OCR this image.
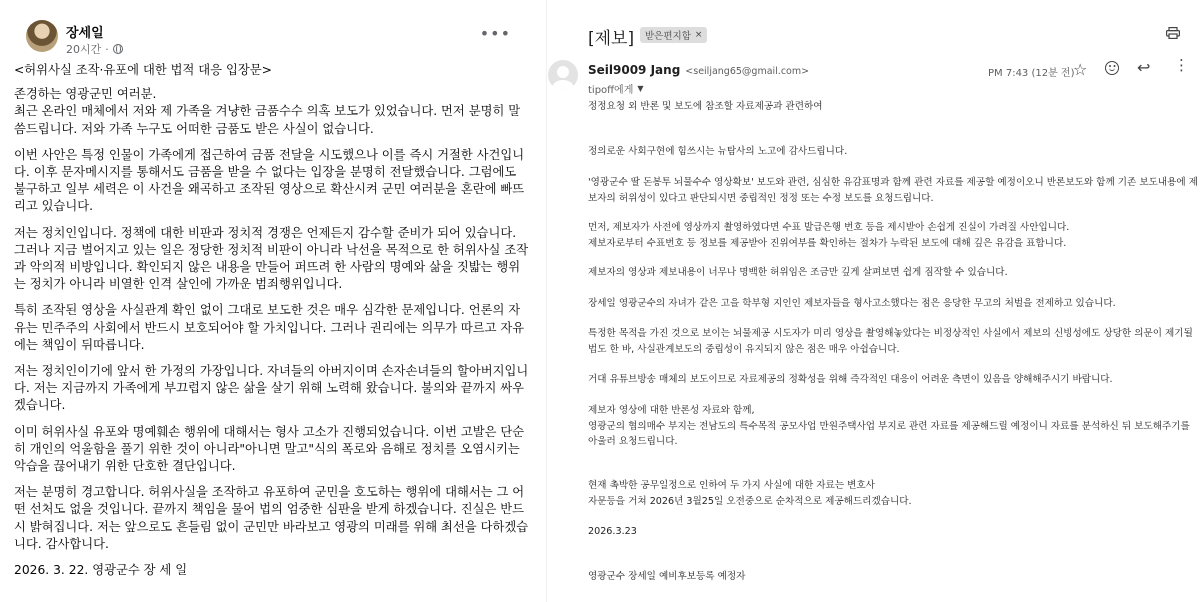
장세일
20시간 ·
•••

<허위사실 조작·유포에 대한 법적 대응 입장문>

존경하는 영광군민 여러분.
최근 온라인 매체에서 저와 제 가족을 겨냥한 금품수수 의혹 보도가 있었습니다. 먼저 분명히 말씀드립니다. 저와 가족 누구도 어떠한 금품도 받은 사실이 없습니다.

이번 사안은 특정 인물이 가족에게 접근하여 금품 전달을 시도했으나 이를 즉시 거절한 사건입니다. 이후 문자메시지를 통해서도 금품을 받을 수 없다는 입장을 분명히 전달했습니다. 그럼에도 불구하고 일부 세력은 이 사건을 왜곡하고 조작된 영상으로 확산시켜 군민 여러분을 혼란에 빠뜨리고 있습니다.

저는 정치인입니다. 정책에 대한 비판과 정치적 경쟁은 언제든지 감수할 준비가 되어 있습니다. 그러나 지금 벌어지고 있는 일은 정당한 정치적 비판이 아니라 낙선을 목적으로 한 허위사실 조작과 악의적 비방입니다. 확인되지 않은 내용을 만들어 퍼뜨려 한 사람의 명예와 삶을 짓밟는 행위는 정치가 아니라 비열한 인격 살인에 가까운 범죄행위입니다.

특히 조작된 영상을 사실관계 확인 없이 그대로 보도한 것은 매우 심각한 문제입니다. 언론의 자유는 민주주의 사회에서 반드시 보호되어야 할 가치입니다. 그러나 권리에는 의무가 따르고 자유에는 책임이 뒤따릅니다.

저는 정치인이기에 앞서 한 가정의 가장입니다. 자녀들의 아버지이며 손자손녀들의 할아버지입니다. 저는 지금까지 가족에게 부끄럽지 않은 삶을 살기 위해 노력해 왔습니다. 불의와 끝까지 싸우겠습니다.

이미 허위사실 유포와 명예훼손 행위에 대해서는 형사 고소가 진행되었습니다. 이번 고발은 단순히 개인의 억울함을 풀기 위한 것이 아니라"아니면 말고"식의 폭로와 음해로 정치를 오염시키는 악습을 끊어내기 위한 단호한 결단입니다.

저는 분명히 경고합니다. 허위사실을 조작하고 유포하여 군민을 호도하는 행위에 대해서는 그 어떤 선처도 없을 것입니다. 끝까지 책임을 물어 법의 엄중한 심판을 받게 하겠습니다. 진실은 반드시 밝혀집니다. 저는 앞으로도 흔들림 없이 군민만 바라보고 영광의 미래를 위해 최선을 다하겠습니다. 감사합니다.

2026. 3. 22. 영광군수 장 세 일

[제보] 받은편지함 ×
Seil9009 Jang <seiljang65@gmail.com>
tipoff에게 ▼
PM 7:43 (12분 전)
☆	↩ ⋮

정정요청 외 반론 및 보도에 참조할 자료제공과 관련하여

정의로운 사회구현에 힘쓰시는 뉴탐사의 노고에 감사드립니다.

'영광군수 딸 돈봉투 뇌물수수 영상확보' 보도와 관련, 심심한 유감표명과 함께 관련 자료를 제공할 예정이오니 반론보도와 함께 기존 보도내용에 제보자의 허위성이 있다고 판단되시면 중립적인 정정 또는 수정 보도를 요청드립니다.

먼저, 제보자가 사전에 영상까지 촬영하였다면 수표 발급은행 번호 등을 제시받아 손쉽게 진실이 가려질 사안입니다.
제보자로부터 수표번호 등 정보를 제공받아 진위여부를 확인하는 절차가 누락된 보도에 대해 깊은 유감을 표합니다.

제보자의 영상과 제보내용이 너무나 명백한 허위임은 조금만 깊게 살펴보면 쉽게 짐작할 수 있습니다.

장세일 영광군수의 자녀가 같은 고을 학부형 지인인 제보자들을 형사고소했다는 점은 응당한 무고의 처벌을 전제하고 있습니다.

특정한 목적을 가진 것으로 보이는 뇌물제공 시도자가 미리 영상을 촬영해놓았다는 비정상적인 사실에서 제보의 신빙성에도 상당한 의문이 제기될 법도 한 바, 사실관계보도의 중립성이 유지되지 않은 점은 매우 아쉽습니다.

거대 유튜브방송 매체의 보도이므로 자료제공의 정확성을 위해 즉각적인 대응이 어려운 측면이 있음을 양해해주시기 바랍니다.

제보자 영상에 대한 반론성 자료와 함께,
영광군의 협의매수 부지는 전남도의 특수목적 공모사업 만원주택사업 부지로 관련 자료를 제공해드릴 예정이니 자료를 분석하신 뒤 보도해주기를 아울러 요청드립니다.

현재 촉박한 공무일정으로 인하여 두 가지 사실에 대한 자료는 변호사
자문등을 거쳐 2026년 3월25일 오전중으로 순차적으로 제공해드리겠습니다.

2026.3.23

영광군수 장세일 예비후보등록 예정자
